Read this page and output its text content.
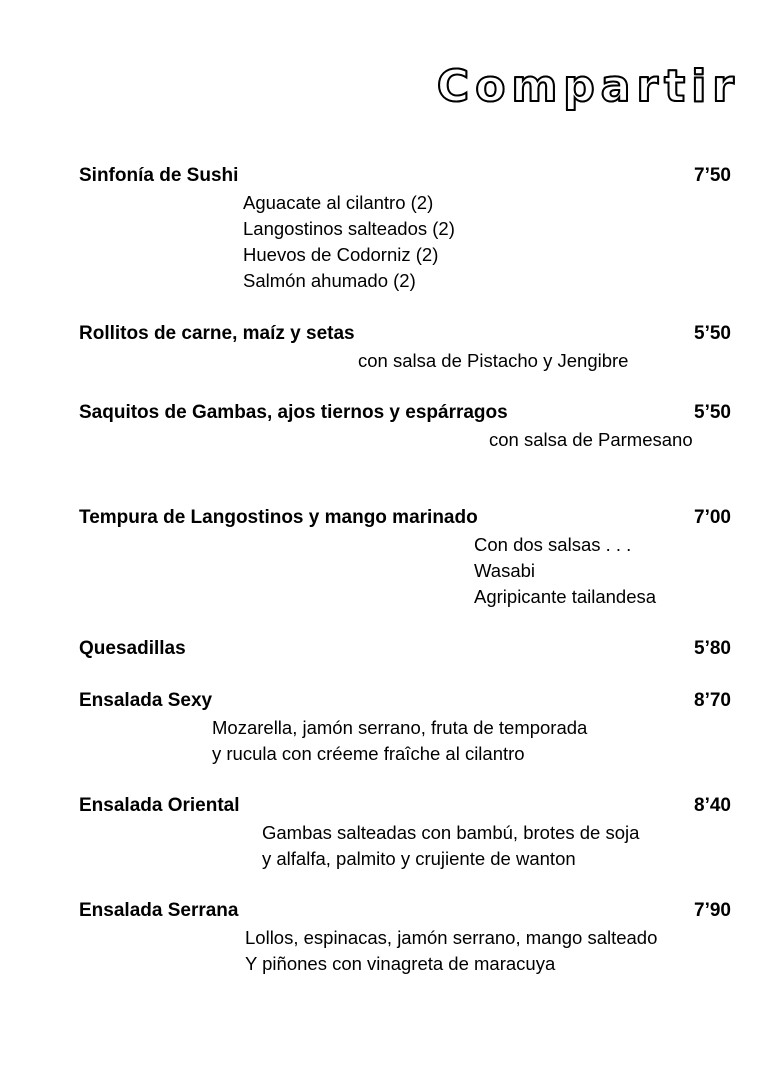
Compartir
Sinfonía de Sushi	7’50
Aguacate al cilantro (2)
Langostinos salteados (2)
Huevos de Codorniz (2)
Salmón ahumado (2)
Rollitos de carne, maíz y setas	5’50
con salsa de Pistacho y Jengibre
Saquitos de Gambas, ajos tiernos y espárragos	5’50
con salsa de Parmesano
Tempura de Langostinos y mango marinado	7’00
Con dos salsas . . .
Wasabi
Agripicante tailandesa
Quesadillas	5’80
Ensalada Sexy	8’70
Mozarella, jamón serrano, fruta de temporada
y rucula con créeme fraîche al cilantro
Ensalada Oriental	8’40
Gambas salteadas con bambú, brotes de soja
y alfalfa, palmito y crujiente de wanton
Ensalada Serrana	7’90
Lollos, espinacas, jamón serrano, mango salteado
Y piñones con vinagreta de maracuya
